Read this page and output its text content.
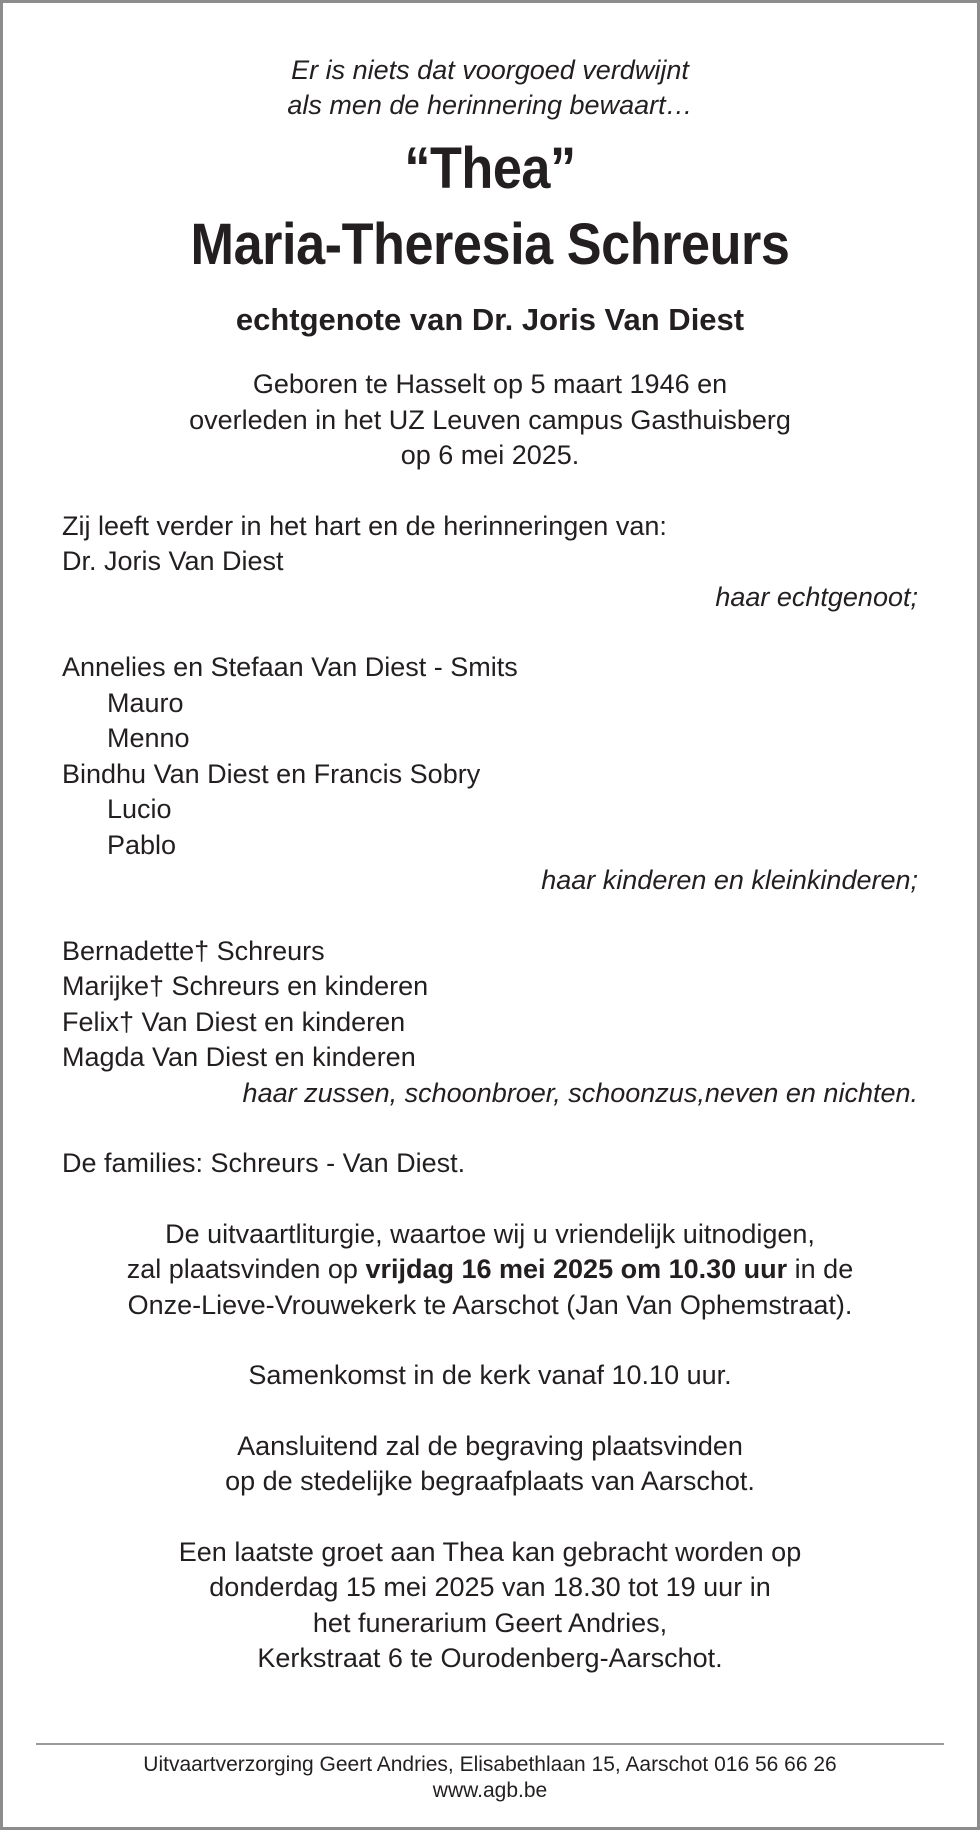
Er is niets dat voorgoed verdwijnt
als men de herinnering bewaart…
“Thea”
Maria-Theresia Schreurs
echtgenote van Dr. Joris Van Diest
Geboren te Hasselt op 5 maart 1946 en
overleden in het UZ Leuven campus Gasthuisberg
op 6 mei 2025.
Zij leeft verder in het hart en de herinneringen van:
Dr. Joris Van Diest
haar echtgenoot;
Annelies en Stefaan Van Diest - Smits
Mauro
Menno
Bindhu Van Diest en Francis Sobry
Lucio
Pablo
haar kinderen en kleinkinderen;
Bernadette† Schreurs
Marijke† Schreurs en kinderen
Felix† Van Diest en kinderen
Magda Van Diest en kinderen
haar zussen, schoonbroer, schoonzus,neven en nichten.
De families: Schreurs - Van Diest.
De uitvaartliturgie, waartoe wij u vriendelijk uitnodigen,
zal plaatsvinden op vrijdag 16 mei 2025 om 10.30 uur in de
Onze-Lieve-Vrouwekerk te Aarschot (Jan Van Ophemstraat).
Samenkomst in de kerk vanaf 10.10 uur.
Aansluitend zal de begraving plaatsvinden
op de stedelijke begraafplaats van Aarschot.
Een laatste groet aan Thea kan gebracht worden op
donderdag 15 mei 2025 van 18.30 tot 19 uur in
het funerarium Geert Andries,
Kerkstraat 6 te Ourodenberg-Aarschot.
Uitvaartverzorging Geert Andries, Elisabethlaan 15, Aarschot 016 56 66 26
www.agb.be
